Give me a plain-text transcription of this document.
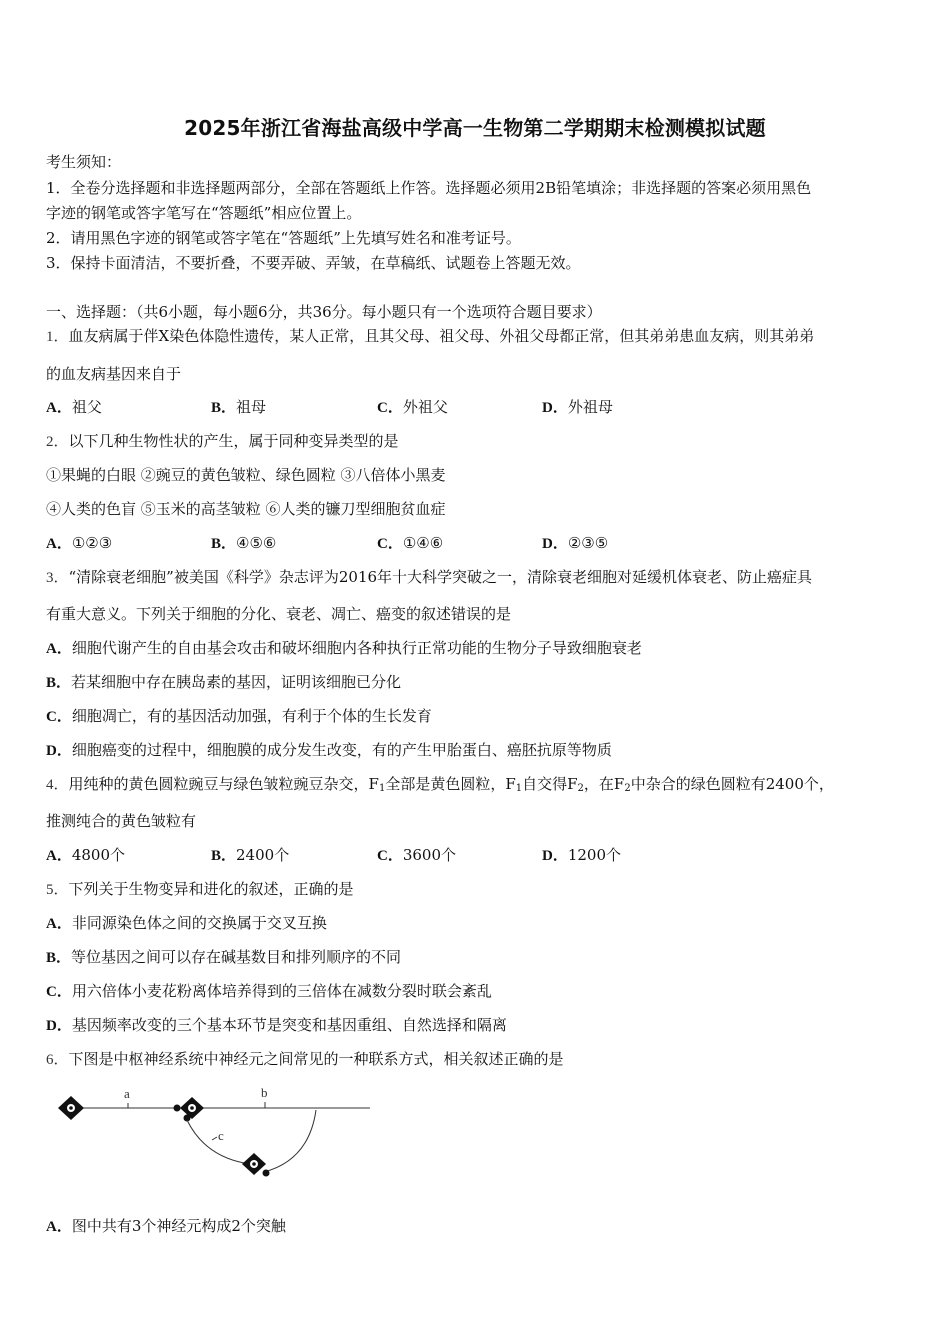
2025年浙江省海盐高级中学高一生物第二学期期末检测模拟试题
考生须知：
1．全卷分选择题和非选择题两部分，全部在答题纸上作答。选择题必须用2B铅笔填涂；非选择题的答案必须用黑色
字迹的钢笔或答字笔写在“答题纸”相应位置上。
2．请用黑色字迹的钢笔或答字笔在“答题纸”上先填写姓名和准考证号。
3．保持卡面清洁，不要折叠，不要弄破、弄皱，在草稿纸、试题卷上答题无效。
一、选择题：（共6小题，每小题6分，共36分。每小题只有一个选项符合题目要求）
1．血友病属于伴X染色体隐性遗传，某人正常，且其父母、祖父母、外祖父母都正常，但其弟弟患血友病，则其弟弟
的血友病基因来自于
A．祖父	B．祖母	C．外祖父	D．外祖母
2．以下几种生物性状的产生，属于同种变异类型的是
①果蝇的白眼 ②豌豆的黄色皱粒、绿色圆粒 ③八倍体小黑麦
④人类的色盲 ⑤玉米的高茎皱粒 ⑥人类的镰刀型细胞贫血症
A．①②③	B．④⑤⑥	C．①④⑥	D．②③⑤
3．“清除衰老细胞”被美国《科学》杂志评为2016年十大科学突破之一，清除衰老细胞对延缓机体衰老、防止癌症具
有重大意义。下列关于细胞的分化、衰老、凋亡、癌变的叙述错误的是
A．细胞代谢产生的自由基会攻击和破坏细胞内各种执行正常功能的生物分子导致细胞衰老
B．若某细胞中存在胰岛素的基因，证明该细胞已分化
C．细胞凋亡，有的基因活动加强，有利于个体的生长发育
D．细胞癌变的过程中，细胞膜的成分发生改变，有的产生甲胎蛋白、癌胚抗原等物质
4．用纯种的黄色圆粒豌豆与绿色皱粒豌豆杂交，$F_1$全部是黄色圆粒，$F_1$自交得$F_2$，在$F_2$中杂合的绿色圆粒有2400个，
推测纯合的黄色皱粒有
A．4800个	B．2400个	C．3600个	D．1200个
5．下列关于生物变异和进化的叙述，正确的是
A．非同源染色体之间的交换属于交叉互换
B．等位基因之间可以存在碱基数目和排列顺序的不同
C．用六倍体小麦花粉离体培养得到的三倍体在减数分裂时联会紊乱
D．基因频率改变的三个基本环节是突变和基因重组、自然选择和隔离
6．下图是中枢神经系统中神经元之间常见的一种联系方式，相关叙述正确的是
a	b
c
A．图中共有3个神经元构成2个突触
